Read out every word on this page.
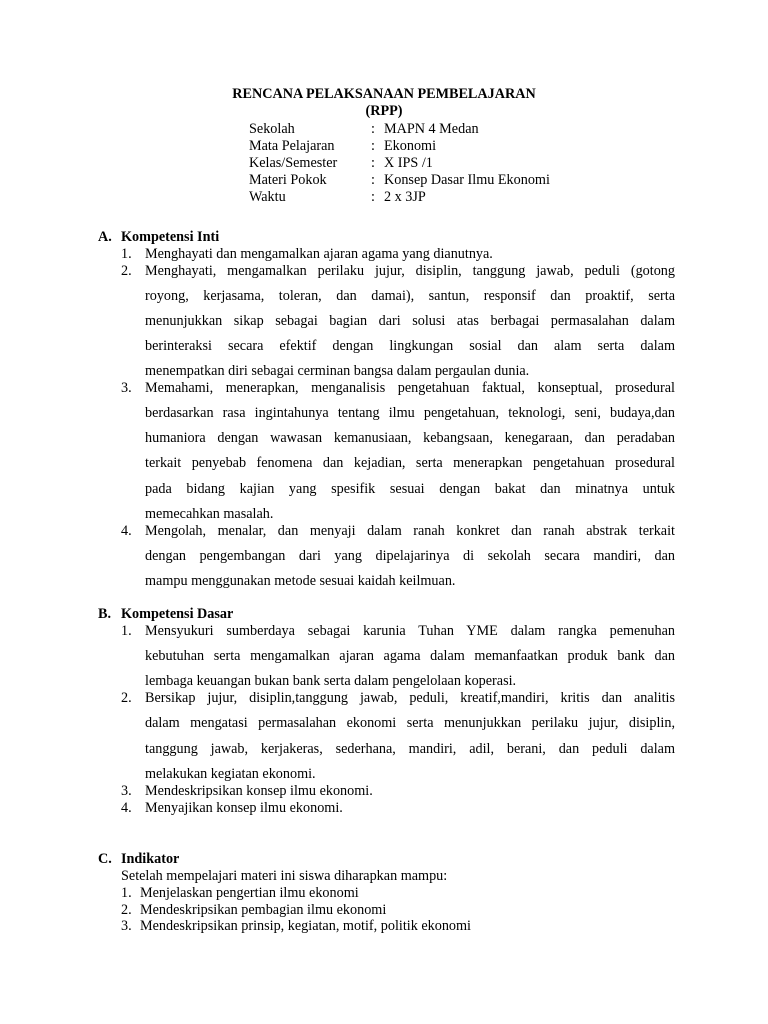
RENCANA PELAKSANAAN PEMBELAJARAN
(RPP)
Sekolah	: MAPN 4 Medan
Mata Pelajaran	: Ekonomi
Kelas/Semester : X IPS /1
Materi Pokok	: Konsep Dasar Ilmu Ekonomi
Waktu	: 2 x 3JP
A. Kompetensi Inti
1. Menghayati dan mengamalkan ajaran agama yang dianutnya.
2. Menghayati, mengamalkan perilaku jujur, disiplin, tanggung jawab, peduli (gotong
royong, kerjasama, toleran, dan damai), santun, responsif dan proaktif, serta
menunjukkan sikap sebagai bagian dari solusi atas berbagai permasalahan dalam
berinteraksi secara efektif dengan lingkungan sosial dan alam serta dalam
menempatkan diri sebagai cerminan bangsa dalam pergaulan dunia.
3. Memahami, menerapkan, menganalisis pengetahuan faktual, konseptual, prosedural
berdasarkan rasa ingintahunya tentang ilmu pengetahuan, teknologi, seni, budaya,dan
humaniora dengan wawasan kemanusiaan, kebangsaan, kenegaraan, dan peradaban
terkait penyebab fenomena dan kejadian, serta menerapkan pengetahuan prosedural
pada bidang kajian yang spesifik sesuai dengan bakat dan minatnya untuk
memecahkan masalah.
4. Mengolah, menalar, dan menyaji dalam ranah konkret dan ranah abstrak terkait
dengan pengembangan dari yang dipelajarinya di sekolah secara mandiri, dan
mampu menggunakan metode sesuai kaidah keilmuan.
B. Kompetensi Dasar
1. Mensyukuri sumberdaya sebagai karunia Tuhan YME dalam rangka pemenuhan
kebutuhan serta mengamalkan ajaran agama dalam memanfaatkan produk bank dan
lembaga keuangan bukan bank serta dalam pengelolaan koperasi.
2. Bersikap jujur, disiplin,tanggung jawab, peduli, kreatif,mandiri, kritis dan analitis
dalam mengatasi permasalahan ekonomi serta menunjukkan perilaku jujur, disiplin,
tanggung jawab, kerjakeras, sederhana, mandiri, adil, berani, dan peduli dalam
melakukan kegiatan ekonomi.
3. Mendeskripsikan konsep ilmu ekonomi.
4. Menyajikan konsep ilmu ekonomi.
C. Indikator
Setelah mempelajari materi ini siswa diharapkan mampu:
1. Menjelaskan pengertian ilmu ekonomi
2. Mendeskripsikan pembagian ilmu ekonomi
3. Mendeskripsikan prinsip, kegiatan, motif, politik ekonomi
